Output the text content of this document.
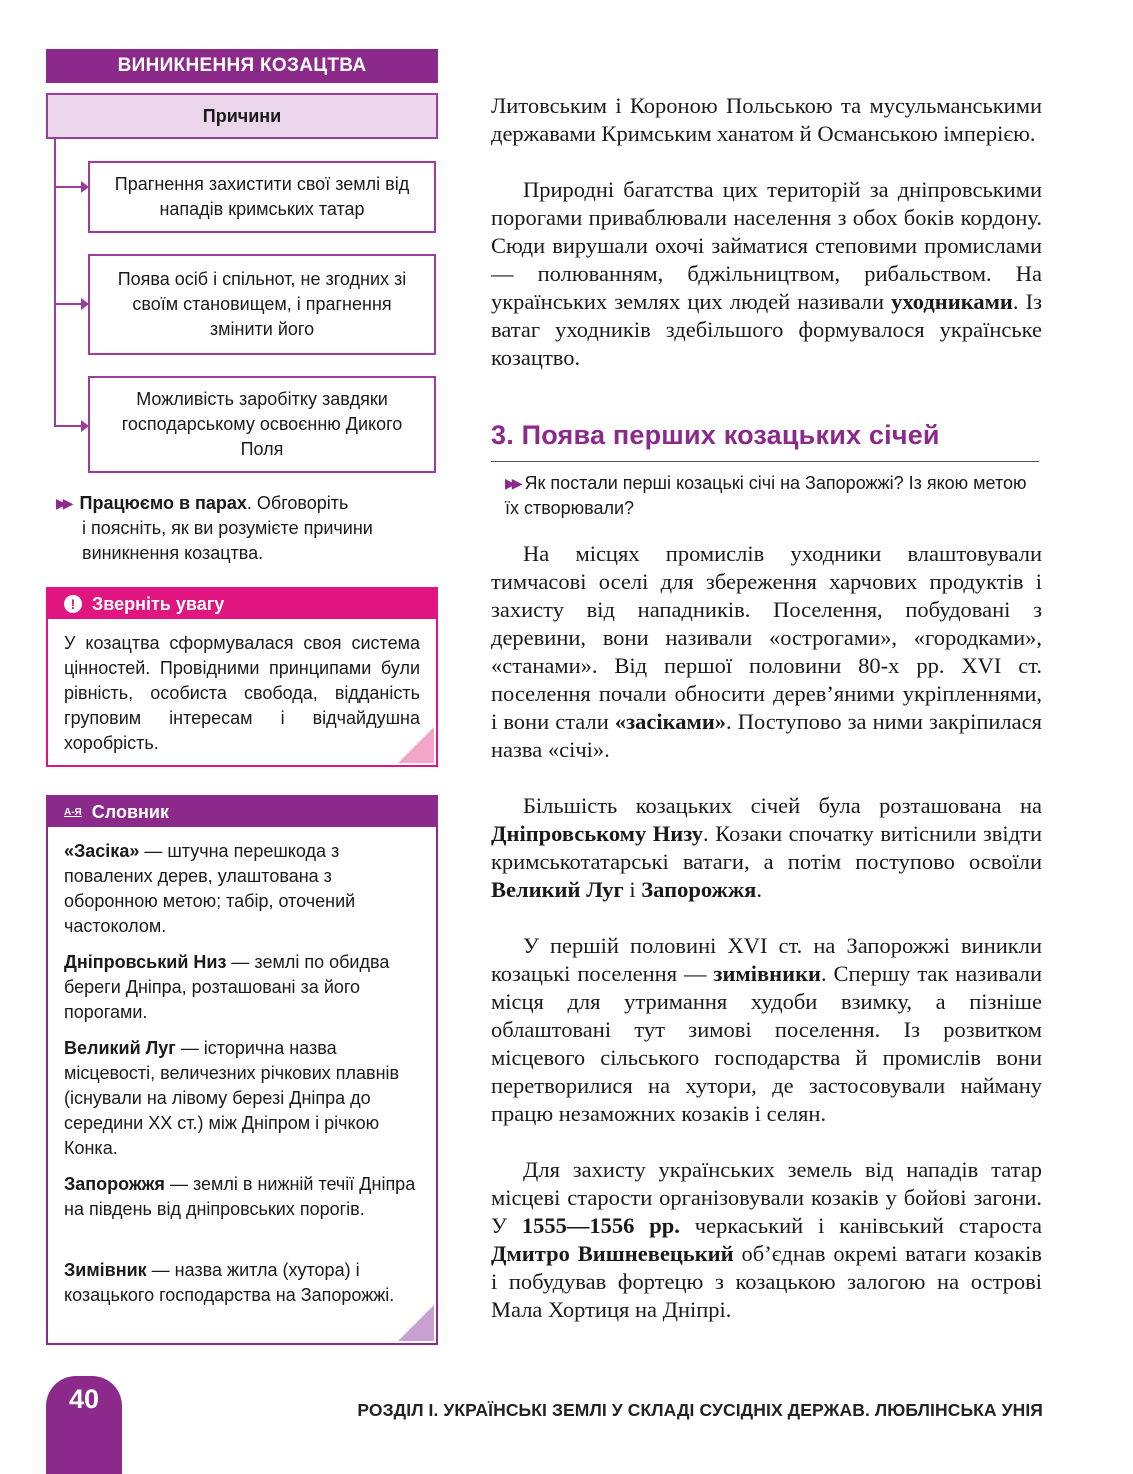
ВИНИКНЕННЯ КОЗАЦТВА
Причини
Прагнення захистити свої землі від нападів кримських татар
Поява осіб і спільнот, не згодних зі своїм становищем, і прагнення змінити його
Можливість заробітку завдяки господарському освоєнню Дикого Поля
▶▶ Працюємо в парах. Обговоріть
і поясніть, як ви розумієте причини
виникнення козацтва.
! Зверніть увагу
У козацтва сформувалася своя система цінностей. Провідними принципами були рівність, особиста свобода, відданість груповим інтересам і відчайдушна хоробрість.
А-Я Словник
«Засіка» — штучна перешкода з повалених дерев, улаштована з оборонною метою; табір, оточений частоколом.
Дніпровський Низ — землі по обидва береги Дніпра, розташовані за його порогами.
Великий Луг — історична назва місцевості, величезних річкових плавнів (існували на лівому березі Дніпра до середини XX ст.) між Дніпром і річкою Конка.
Запорожжя — землі в нижній течії Дніпра на південь від дніпровських порогів.
Зимівник — назва житла (хутора) і козацького господарства на Запорожжі.
Литовським і Короною Польською та мусульманськими державами Кримським ханатом й Османською імперією.
Природні багатства цих територій за дніпровськими порогами приваблювали населення з обох боків кордону. Сюди вирушали охочі займатися степовими промислами — полюванням, бджільництвом, рибальством. На українських землях цих людей називали уходниками. Із ватаг уходників здебільшого формувалося українське козацтво.
3. Поява перших козацьких січей
▶▶ Як постали перші козацькі січі на Запорожжі? Із якою метою їх створювали?
На місцях промислів уходники влаштовували тимчасові оселі для збереження харчових продуктів і захисту від нападників. Поселення, побудовані з деревини, вони називали «острогами», «городками», «станами». Від першої половини 80-х рр. XVI ст. поселення почали обносити дерев’яними укріпленнями, і вони стали «засіками». Поступово за ними закріпилася назва «січі».
Більшість козацьких січей була розташована на Дніпровському Низу. Козаки спочатку витіснили звідти кримськотатарські ватаги, а потім поступово освоїли Великий Луг і Запорожжя.
У першій половині XVI ст. на Запорожжі виникли козацькі поселення — зимівники. Спершу так називали місця для утримання худоби взимку, а пізніше облаштовані тут зимові поселення. Із розвитком місцевого сільського господарства й промислів вони перетворилися на хутори, де застосовували найману працю незаможних козаків і селян.
Для захисту українських земель від нападів татар місцеві старости організовували козаків у бойові загони. У 1555—1556 рр. черкаський і канівський староста Дмитро Вишневецький об’єднав окремі ватаги козаків і побудував фортецю з козацькою залогою на острові Мала Хортиця на Дніпрі.
40	РОЗДІЛ І. УКРАЇНСЬКІ ЗЕМЛІ У СКЛАДІ СУСІДНІХ ДЕРЖАВ. ЛЮБЛІНСЬКА УНІЯ
